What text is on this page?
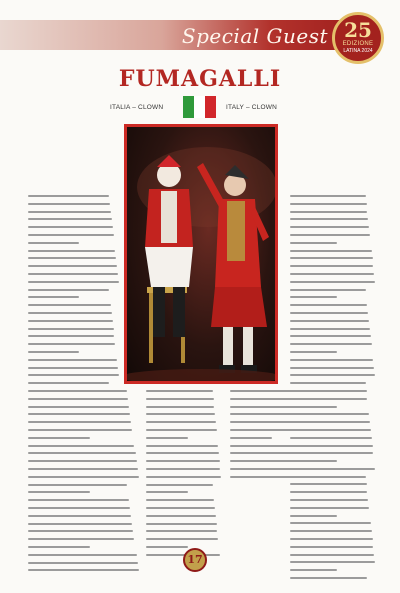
Special Guest 25
EDIZIONE
LATINA 2024
FUMAGALLI
ITALIA – CLOWN	ITALY – CLOWN
17
